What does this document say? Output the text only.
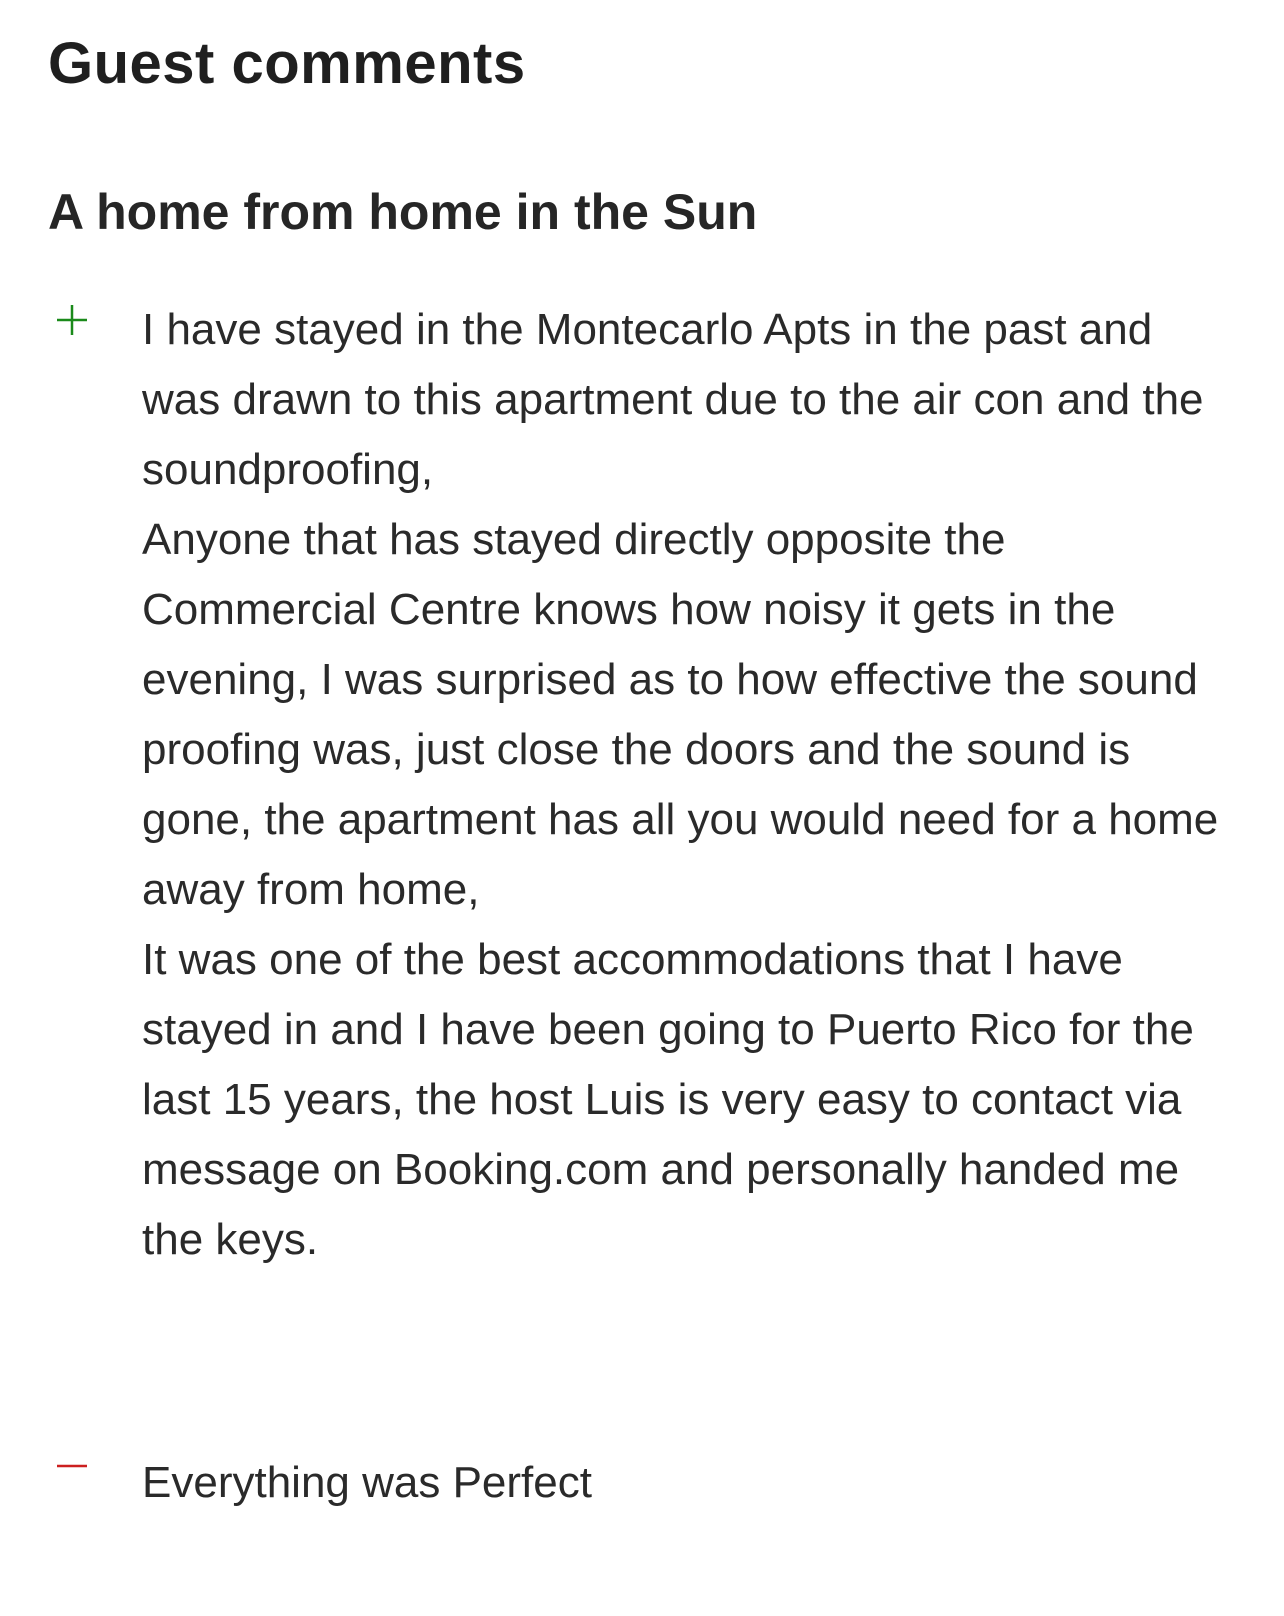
Guest comments
A home from home in the Sun

I have stayed in the Montecarlo Apts in the past and was drawn to this apartment due to the air con and the soundproofing,
Anyone that has stayed directly opposite the Commercial Centre knows how noisy it gets in the evening, I was surprised as to how effective the sound proofing was, just close the doors and the sound is gone, the apartment has all you would need for a home away from home,
It was one of the best accommodations that I have stayed in and I have been going to Puerto Rico for the last 15 years, the host Luis is very easy to contact via message on Booking.com and personally handed me the keys.

Everything was Perfect
